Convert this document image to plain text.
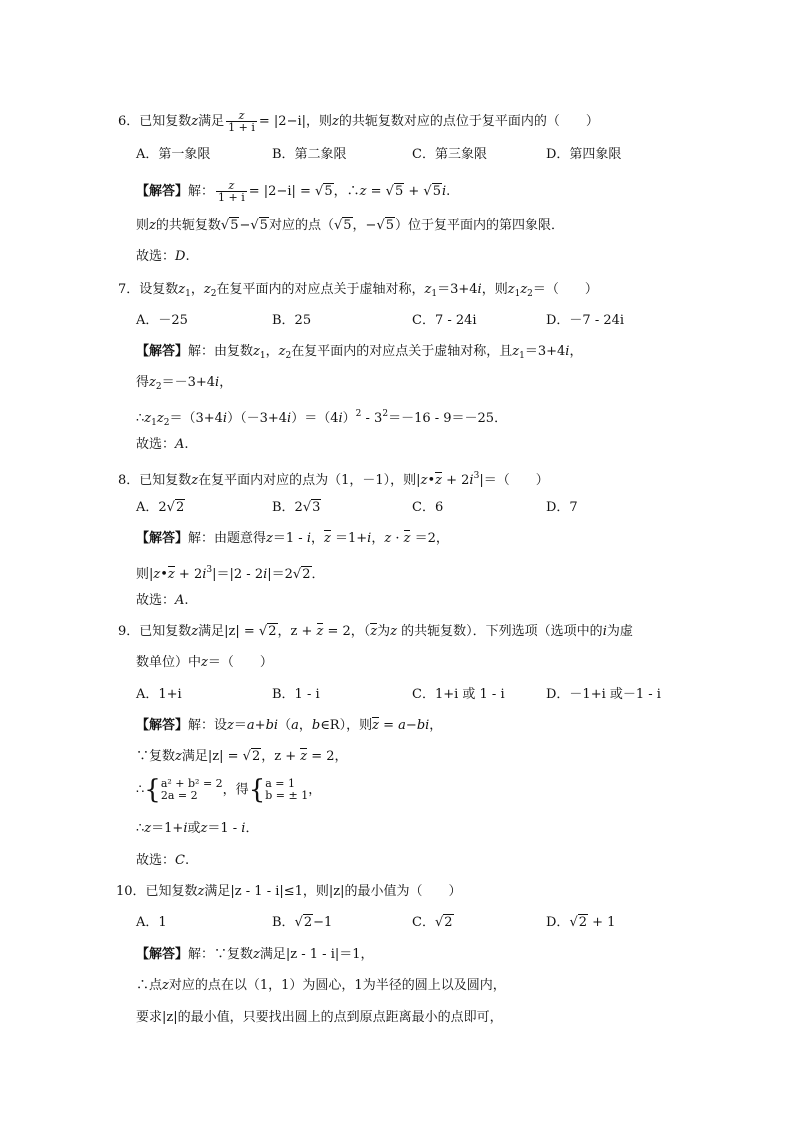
6．已知复数z满足 $\frac{z}{1 + i} = |2-i|$，则z的共轭复数对应的点位于复平面内的（　　）
A．第一象限	B．第二象限	C．第三象限	D．第四象限
【解答】解： $\frac{z}{1 + i} = |2-i| = √5$，∴z = √5 + √5i.
则z的共轭复数√5−√5对应的点（√5，−√5）位于复平面内的第四象限．
故选：D.
7．设复数$z_1$，$z_2$在复平面内的对应点关于虚轴对称，$z_1=3+4i$，则$z_1z_2=$（　　）
A．－25	B．25	C．7 - 24i	D．－7 - 24i
【解答】解：由复数$z_1$，$z_2$在复平面内的对应点关于虚轴对称，且$z_1=3+4i$，
得$z_2=-3+4i$，
$\therefore z_1z_2=(3+4i)(-3+4i)=(4i)^2 - 3^2=-16 - 9=-25$．
故选：A.
8．已知复数z在复平面内对应的点为（1，－1），则|z•z + $2i^3|=$（　　）
A．2√2	B．2√3	C．6	D．7
【解答】解：由题意得z＝1 - i，z ＝1+i，z · z ＝2，
则|z•z + $2i^3|=|2 - 2i|=2√2$．
故选：A.
9．已知复数z满足|z| = √2，z + z = 2，（z为z 的共轭复数）．下列选项（选项中的i为虚
数单位）中z＝（　　）
A．1+i	B．1 - i	C．1+i 或 1 - i	D．－1+i 或－1 - i
【解答】解：设z＝a+bi（a，b∈R），则z = a−bi，
∵复数z满足|z| = √2，z + z = 2，
∴{ a² + b² = 2
2a = 2	，得{ a = 1
b = ± 1 ，
∴z＝1+i或z＝1 - i．
故选：C.
10．已知复数z满足|z - 1 - i|≤1，则|z|的最小值为（　　）
A．1	B．√2−1	C．√2	D．√2 + 1
【解答】解：∵复数z满足|z - 1 - i|＝1，
∴点z对应的点在以（1，1）为圆心，1为半径的圆上以及圆内，
要求|z|的最小值，只要找出圆上的点到原点距离最小的点即可，
